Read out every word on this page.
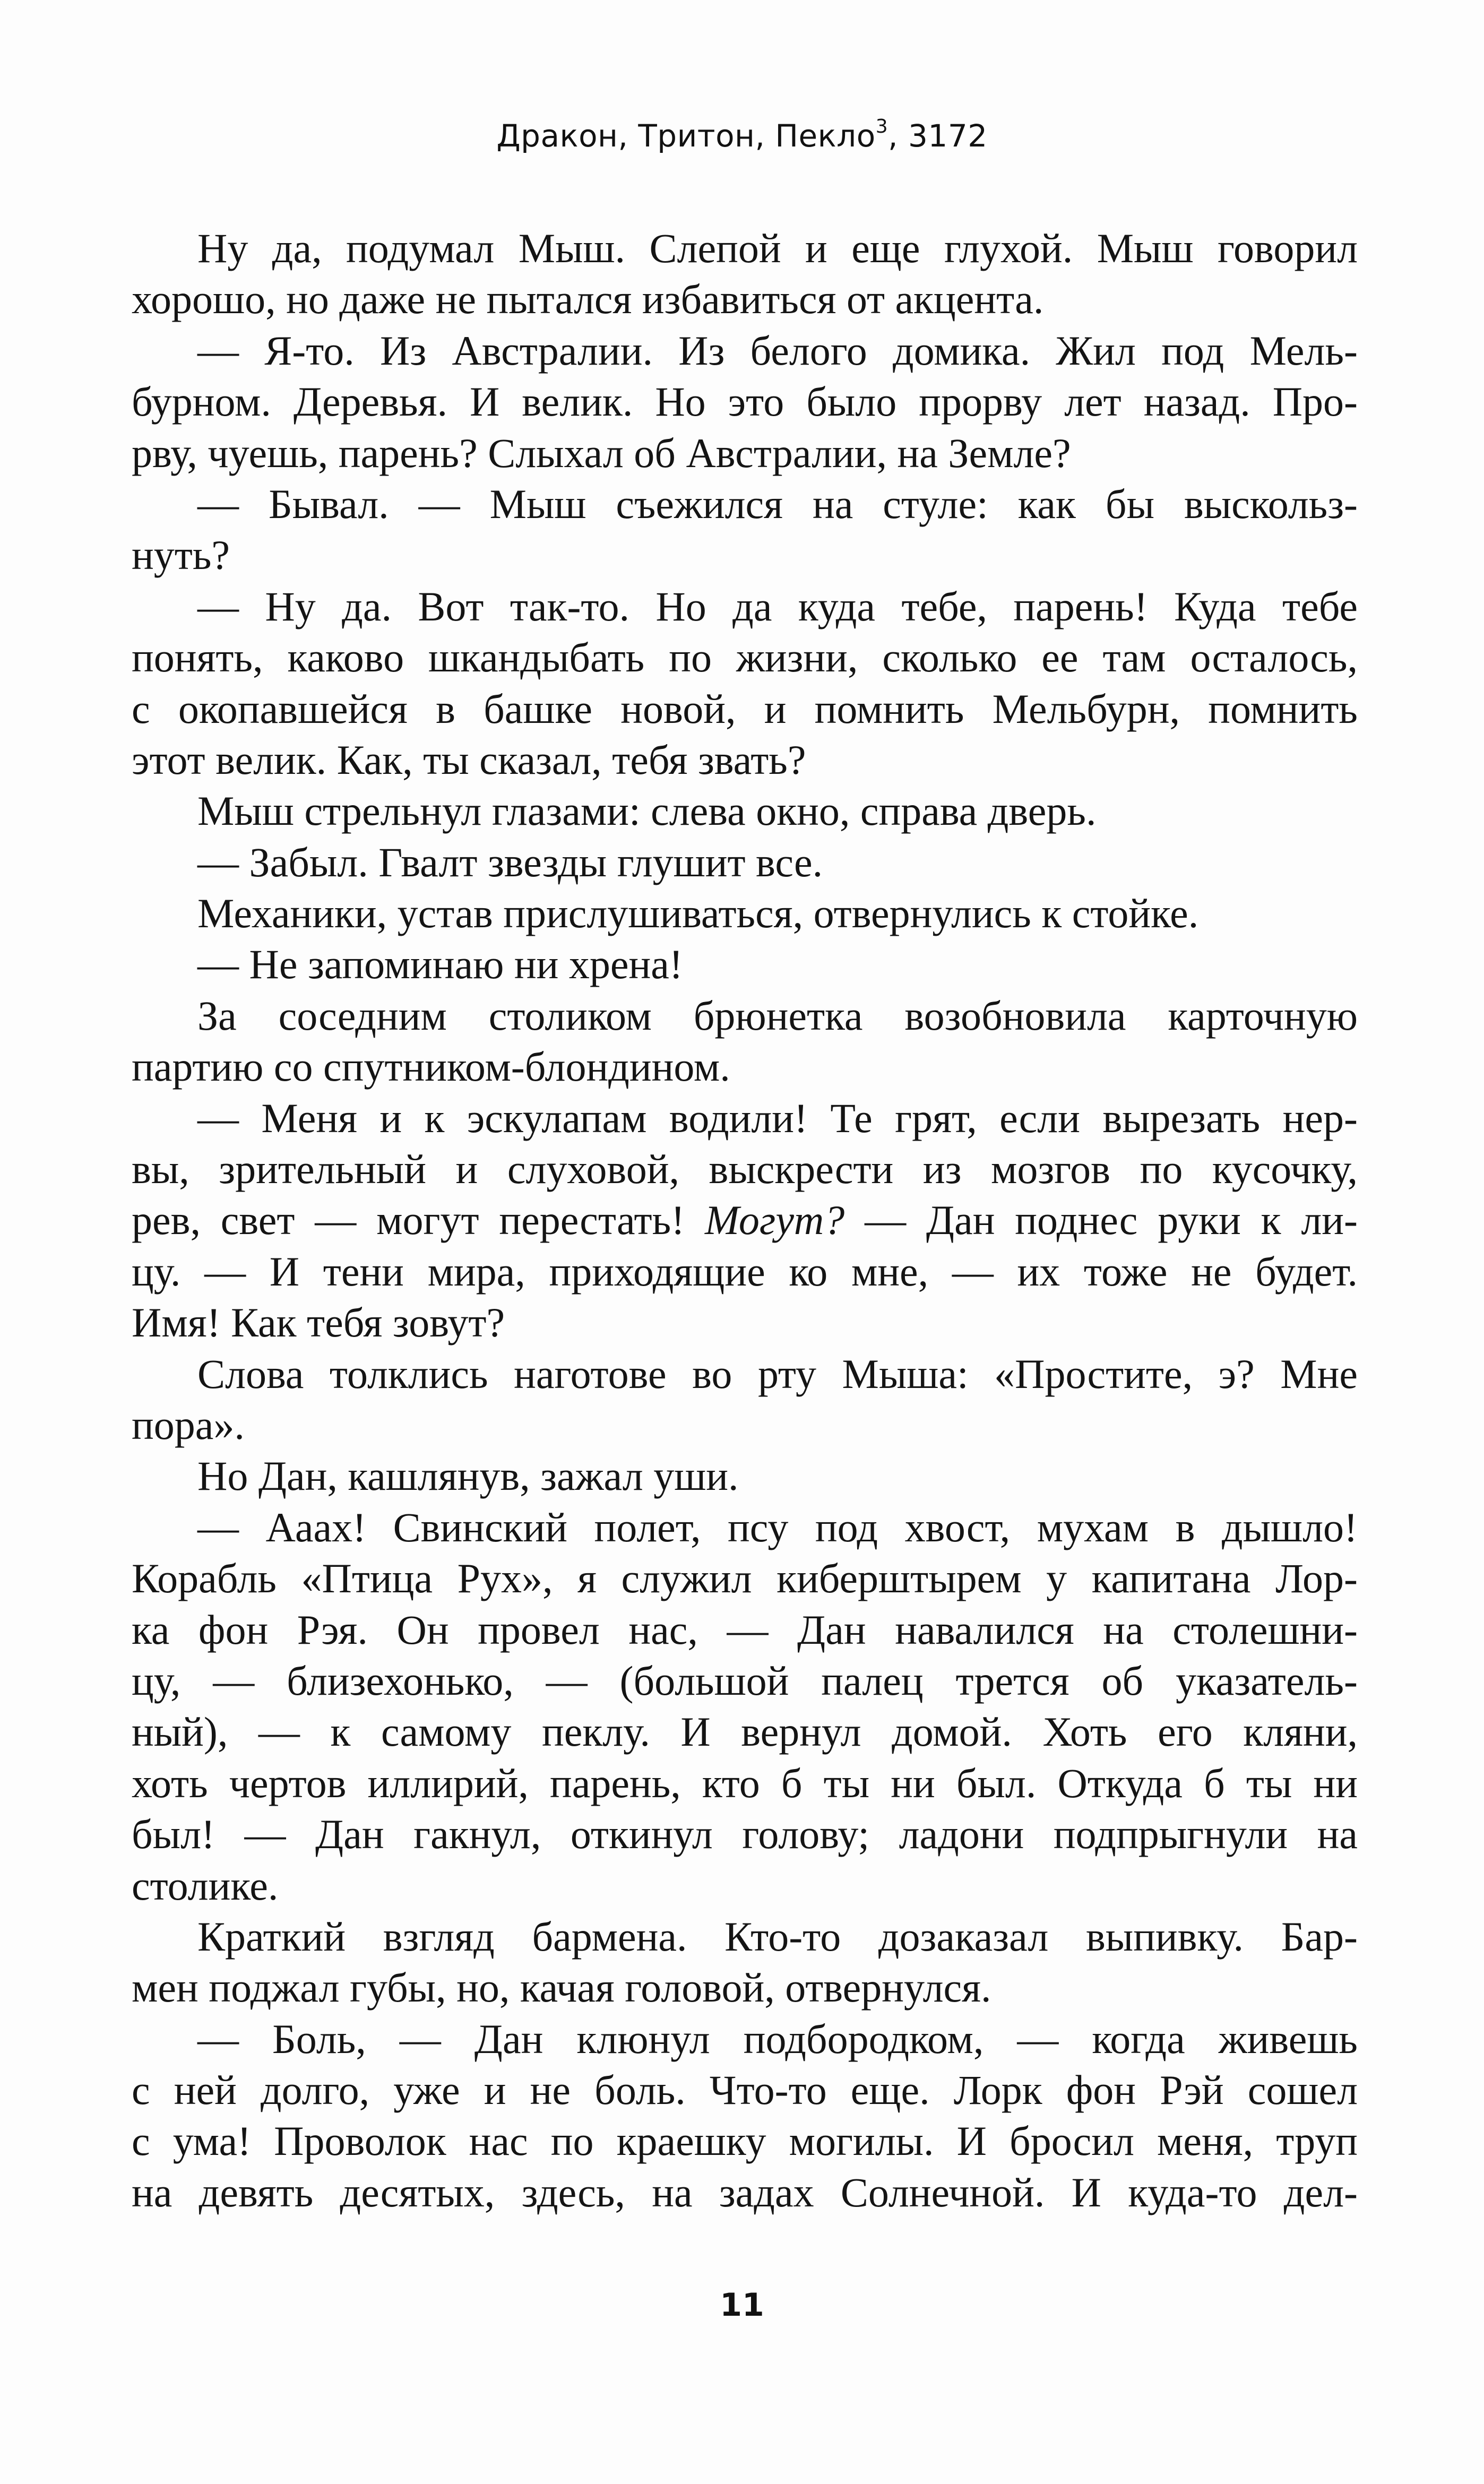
Дракон, Тритон, Пекло$^3$, 3172
Ну да, подумал Мыш. Слепой и еще глухой. Мыш говорил
хорошо, но даже не пытался избавиться от акцента.
— Я-то. Из Австралии. Из белого домика. Жил под Мель-
бурном. Деревья. И велик. Но это было прорву лет назад. Про-
рву, чуешь, парень? Слыхал об Австралии, на Земле?
— Бывал. — Мыш съежился на стуле: как бы выскольз-
нуть?
— Ну да. Вот так-то. Но да куда тебе, парень! Куда тебе
понять, каково шкандыбать по жизни, сколько ее там осталось,
с окопавшейся в башке новой, и помнить Мельбурн, помнить
этот велик. Как, ты сказал, тебя звать?
Мыш стрельнул глазами: слева окно, справа дверь.
— Забыл. Гвалт звезды глушит все.
Механики, устав прислушиваться, отвернулись к стойке.
— Не запоминаю ни хрена!
За соседним столиком брюнетка возобновила карточную
партию со спутником-блондином.
— Меня и к эскулапам водили! Те грят, если вырезать нер-
вы, зрительный и слуховой, выскрести из мозгов по кусочку,
рев, свет — могут перестать! Могут? — Дан поднес руки к ли-
цу. — И тени мира, приходящие ко мне, — их тоже не будет.
Имя! Как тебя зовут?
Слова толклись наготове во рту Мыша: «Простите, э? Мне
пора».
Но Дан, кашлянув, зажал уши.
— Аааx! Свинский полет, псу под хвост, мухам в дышло!
Корабль «Птица Рух», я служил киберштырем у капитана Лор-
ка фон Рэя. Он провел нас, — Дан навалился на столешни-
цу, — близехонько, — (большой палец трется об указатель-
ный), — к самому пеклу. И вернул домой. Хоть его кляни,
хоть чертов иллирий, парень, кто б ты ни был. Откуда б ты ни
был! — Дан гакнул, откинул голову; ладони подпрыгнули на
столике.
Краткий взгляд бармена. Кто-то дозаказал выпивку. Бар-
мен поджал губы, но, качая головой, отвернулся.
— Боль, — Дан клюнул подбородком, — когда живешь
с ней долго, уже и не боль. Что-то еще. Лорк фон Рэй сошел
с ума! Проволок нас по краешку могилы. И бросил меня, труп
на девять десятых, здесь, на задах Солнечной. И куда-то дел-
11
